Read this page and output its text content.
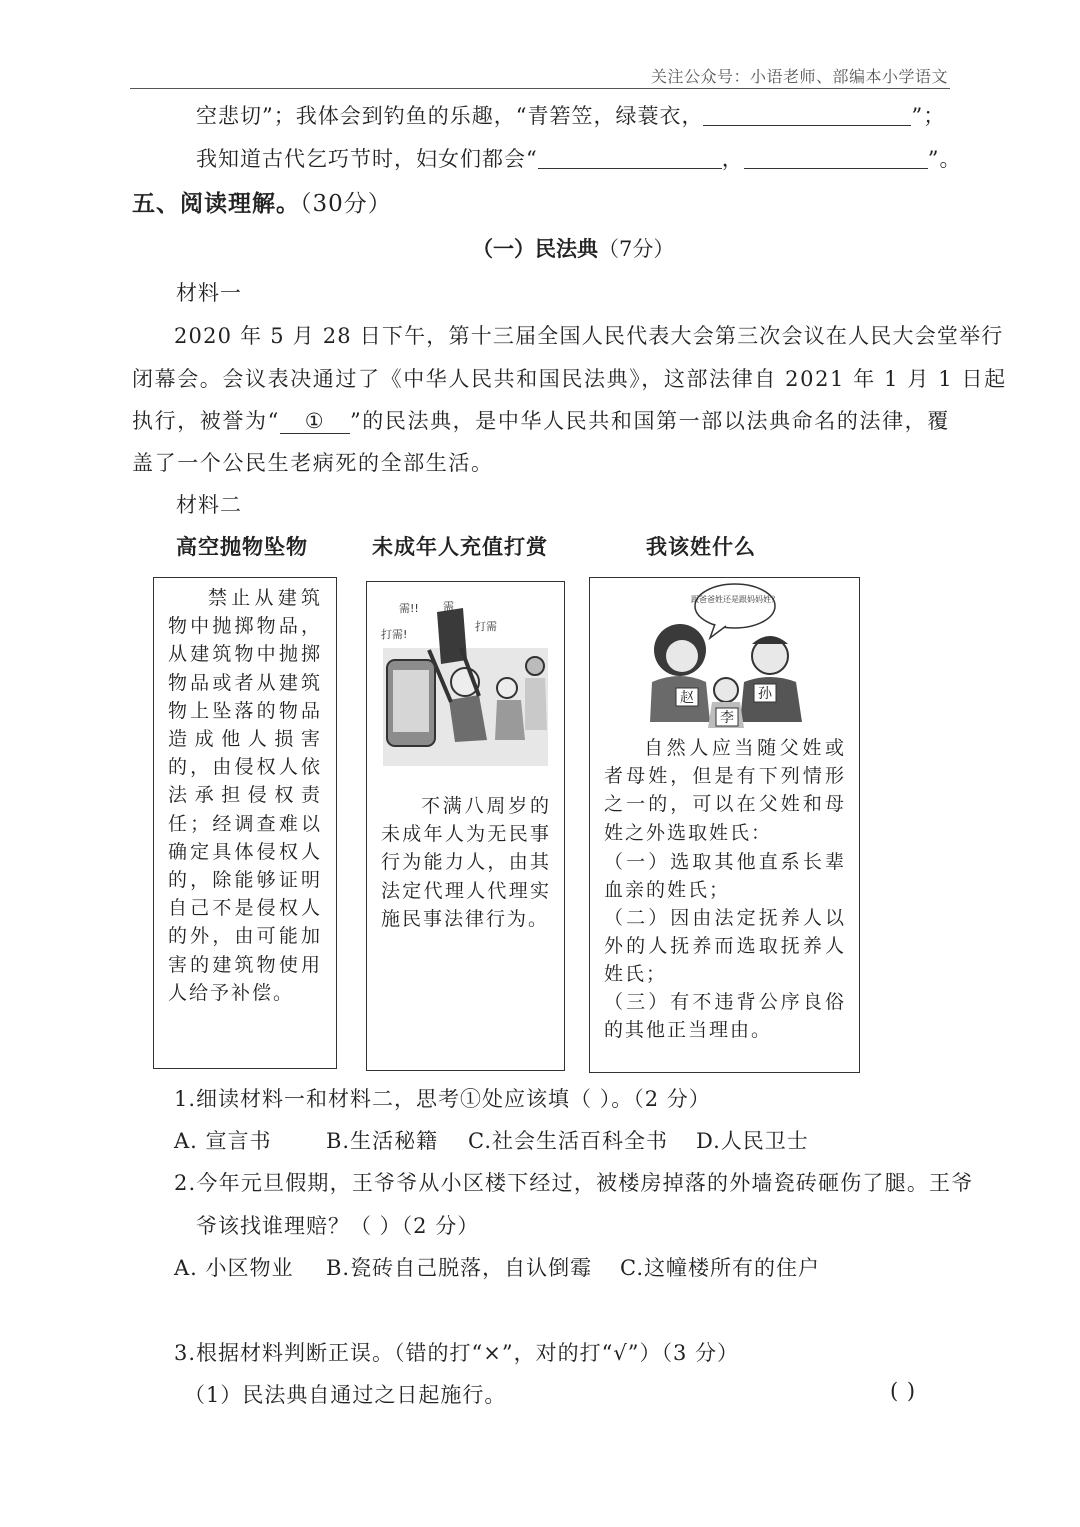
关注公众号：小语老师、部编本小学语文
空悲切”；我体会到钓鱼的乐趣，“青箬笠，绿蓑衣，	”；
我知道古代乞巧节时，妇女们都会“	，	”。
五、阅读理解。（30分）
（一）民法典（7分）
材料一
2020 年 5 月 28 日下午，第十三届全国人民代表大会第三次会议在人民大会堂举行
闭幕会。会议表决通过了《中华人民共和国民法典》，这部法律自 2021 年 1 月 1 日起
执行，被誉为“ ① ”的民法典，是中华人民共和国第一部以法典命名的法律，覆
盖了一个公民生老病死的全部生活。
材料二
高空抛物坠物	未成年人充值打赏	我该姓什么
禁止从建筑物中抛掷物品，从建筑物中抛掷物品或者从建筑物上坠落的物品造成他人损害的，由侵权人依法承担侵权责任；经调查难以确定具体侵权人的，除能够证明自己不是侵权人的外，由可能加害的建筑物使用人给予补偿。
需!! 需
打需!
打需
不满八周岁的未成年人为无民事行为能力人，由其法定代理人代理实施民事法律行为。
跟爸爸姓还是跟妈妈姓？
赵	孙
李
自然人应当随父姓或者母姓，但是有下列情形之一的，可以在父姓和母姓之外选取姓氏：
（一）选取其他直系长辈血亲的姓氏；
（二）因由法定抚养人以外的人抚养而选取抚养人姓氏；
（三）有不违背公序良俗的其他正当理由。
1.细读材料一和材料二，思考①处应该填（ ）。（2 分）
A. 宣言书	B.生活秘籍 C.社会生活百科全书 D.人民卫士
2.今年元旦假期，王爷爷从小区楼下经过，被楼房掉落的外墙瓷砖砸伤了腿。王爷
爷该找谁理赔？（ ）（2 分）
A. 小区物业 B.瓷砖自己脱落，自认倒霉 C.这幢楼所有的住户
3.根据材料判断正误。（错的打“×”，对的打“√”）（3 分）
（1）民法典自通过之日起施行。	( )
